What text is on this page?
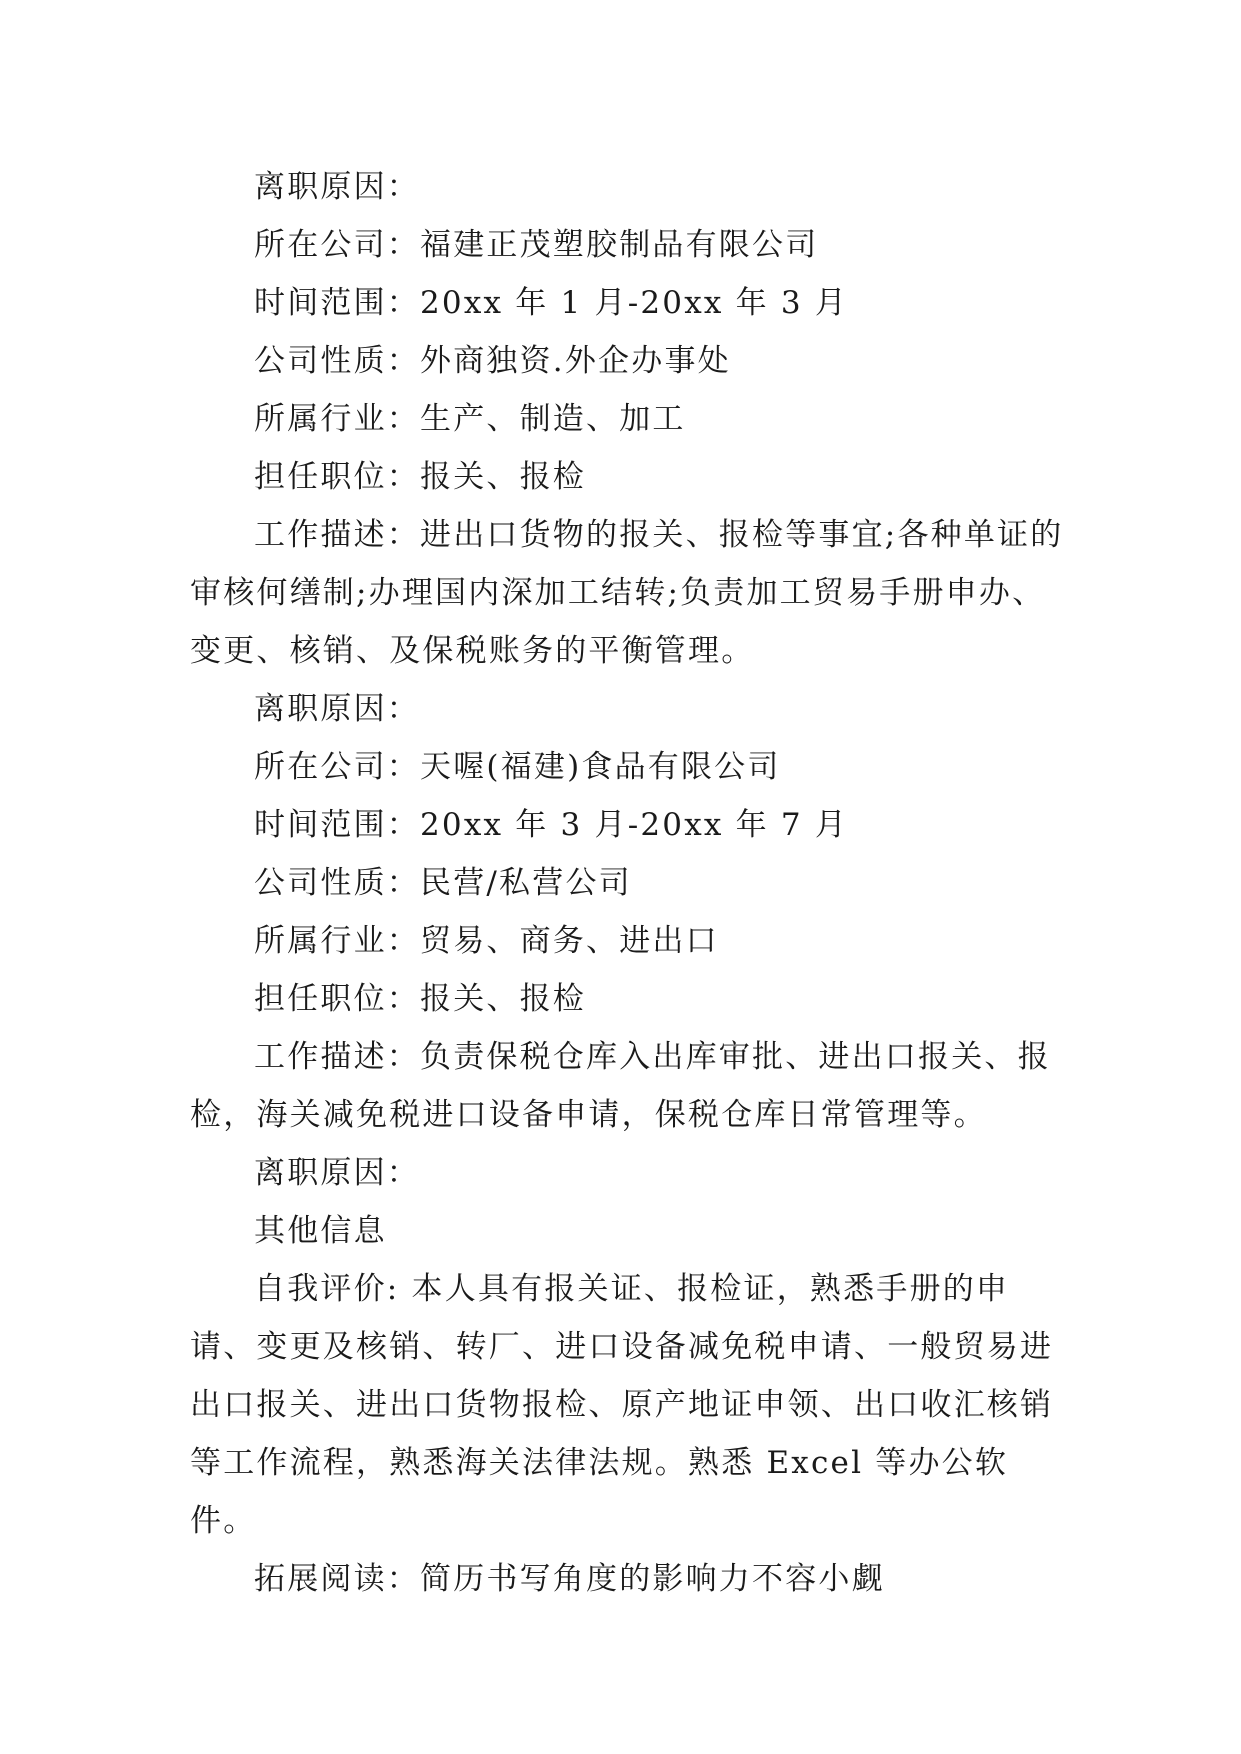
离职原因：

所在公司：福建正茂塑胶制品有限公司

时间范围：20xx 年 1 月-20xx 年 3 月

公司性质：外商独资.外企办事处

所属行业：生产、制造、加工

担任职位：报关、报检

工作描述：进出口货物的报关、报检等事宜;各种单证的审核何缮制;办理国内深加工结转;负责加工贸易手册申办、变更、核销、及保税账务的平衡管理。

离职原因：

所在公司：天喔(福建)食品有限公司

时间范围：20xx 年 3 月-20xx 年 7 月

公司性质：民营/私营公司

所属行业：贸易、商务、进出口

担任职位：报关、报检

工作描述：负责保税仓库入出库审批、进出口报关、报检，海关减免税进口设备申请，保税仓库日常管理等。

离职原因：

其他信息

自我评价: 本人具有报关证、报检证，熟悉手册的申请、变更及核销、转厂、进口设备减免税申请、一般贸易进出口报关、进出口货物报检、原产地证申领、出口收汇核销等工作流程，熟悉海关法律法规。熟悉 Excel 等办公软件。

拓展阅读：简历书写角度的影响力不容小觑
